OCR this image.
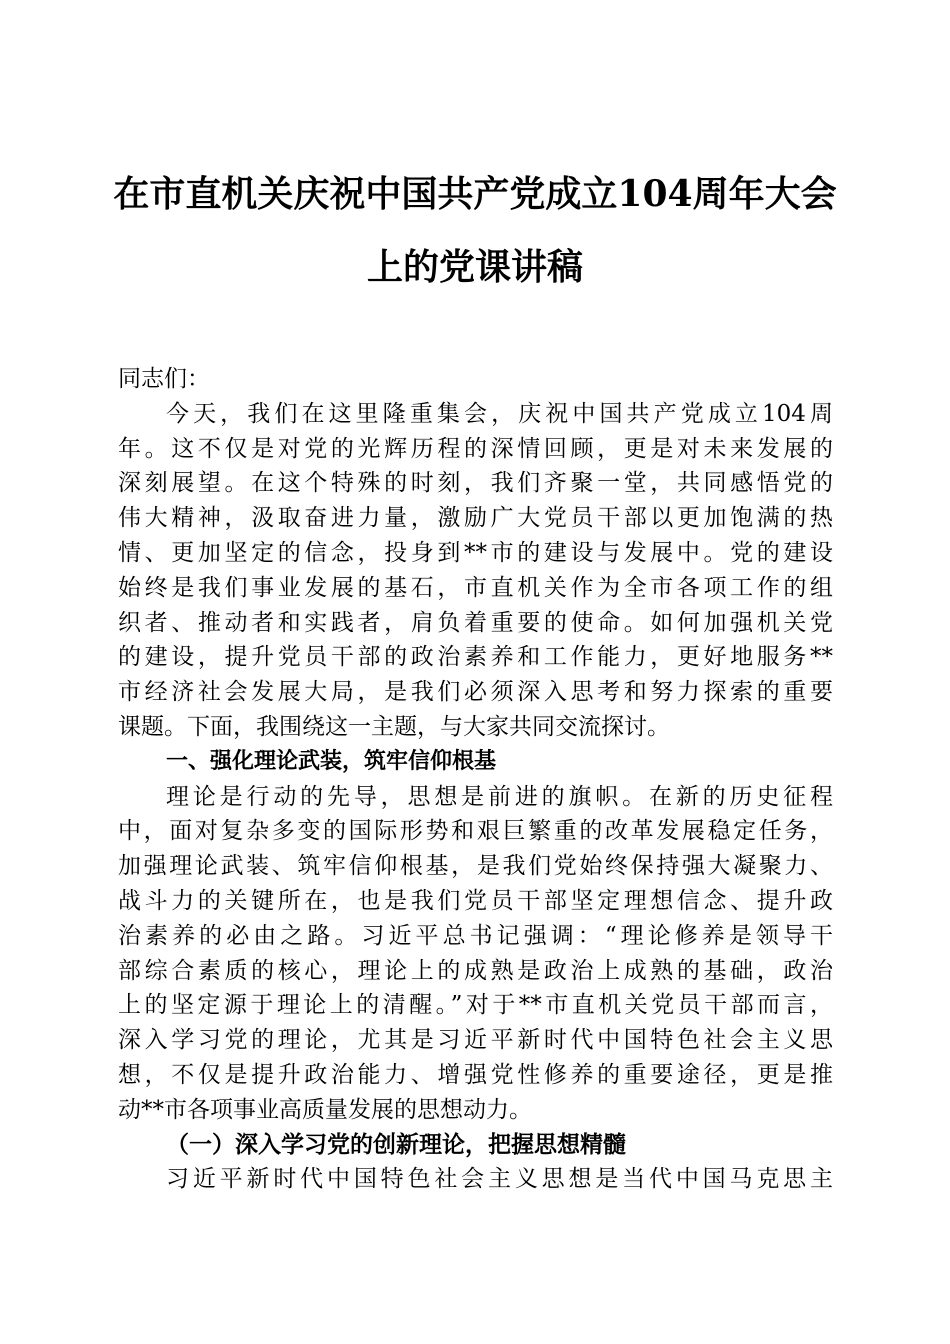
在市直机关庆祝中国共产党成立104周年大会
上的党课讲稿
同志们：
今天，我们在这里隆重集会，庆祝中国共产党成立104周
年。这不仅是对党的光辉历程的深情回顾，更是对未来发展的
深刻展望。在这个特殊的时刻，我们齐聚一堂，共同感悟党的
伟大精神，汲取奋进力量，激励广大党员干部以更加饱满的热
情、更加坚定的信念，投身到**市的建设与发展中。党的建设
始终是我们事业发展的基石，市直机关作为全市各项工作的组
织者、推动者和实践者，肩负着重要的使命。如何加强机关党
的建设，提升党员干部的政治素养和工作能力，更好地服务**
市经济社会发展大局，是我们必须深入思考和努力探索的重要
课题。下面，我围绕这一主题，与大家共同交流探讨。
一、强化理论武装，筑牢信仰根基
理论是行动的先导，思想是前进的旗帜。在新的历史征程
中，面对复杂多变的国际形势和艰巨繁重的改革发展稳定任务，
加强理论武装、筑牢信仰根基，是我们党始终保持强大凝聚力、
战斗力的关键所在，也是我们党员干部坚定理想信念、提升政
治素养的必由之路。习近平总书记强调：“理论修养是领导干
部综合素质的核心，理论上的成熟是政治上成熟的基础，政治
上的坚定源于理论上的清醒。”对于**市直机关党员干部而言，
深入学习党的理论，尤其是习近平新时代中国特色社会主义思
想，不仅是提升政治能力、增强党性修养的重要途径，更是推
动**市各项事业高质量发展的思想动力。
（一）深入学习党的创新理论，把握思想精髓
习近平新时代中国特色社会主义思想是当代中国马克思主
